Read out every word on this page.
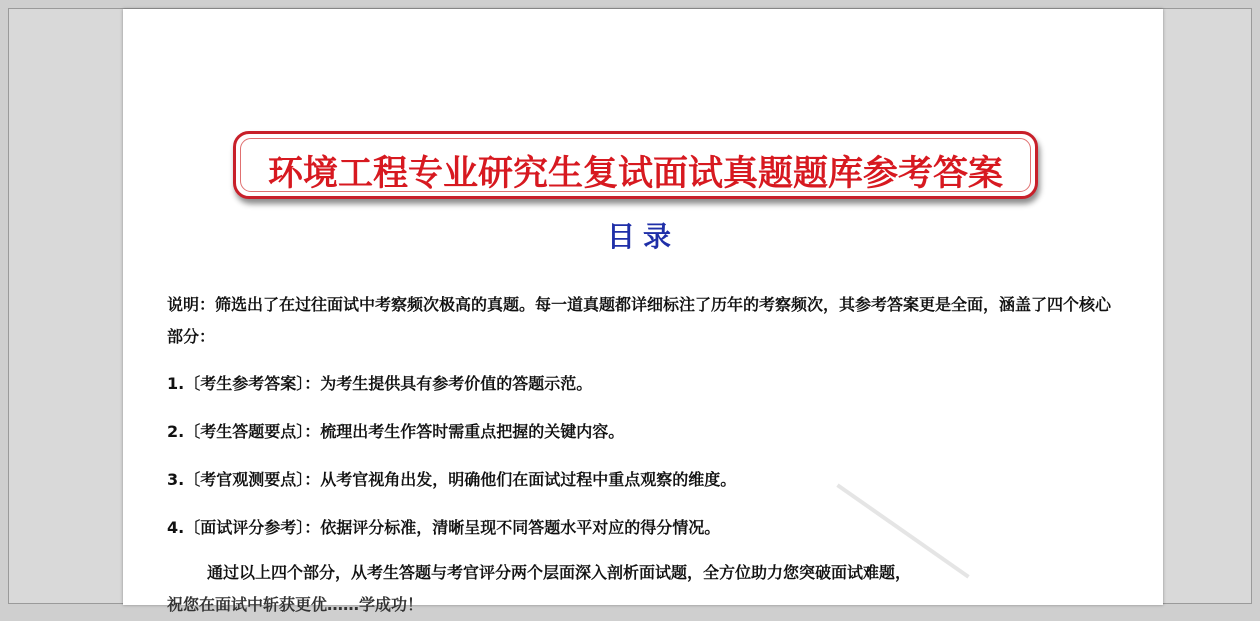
环境工程专业研究生复试面试真题题库参考答案
目录
说明：筛选出了在过往面试中考察频次极高的真题。每一道真题都详细标注了历年的考察频次，其参考答案更是全面，涵盖了四个核心部分：
1.〔考生参考答案〕：为考生提供具有参考价值的答题示范。
2.〔考生答题要点〕：梳理出考生作答时需重点把握的关键内容。
3.〔考官观测要点〕：从考官视角出发，明确他们在面试过程中重点观察的维度。
4.〔面试评分参考〕：依据评分标准，清晰呈现不同答题水平对应的得分情况。
通过以上四个部分，从考生答题与考官评分两个层面深入剖析面试题，全方位助力您突破面试难题，
祝您在面试中斩获更优……学成功！
